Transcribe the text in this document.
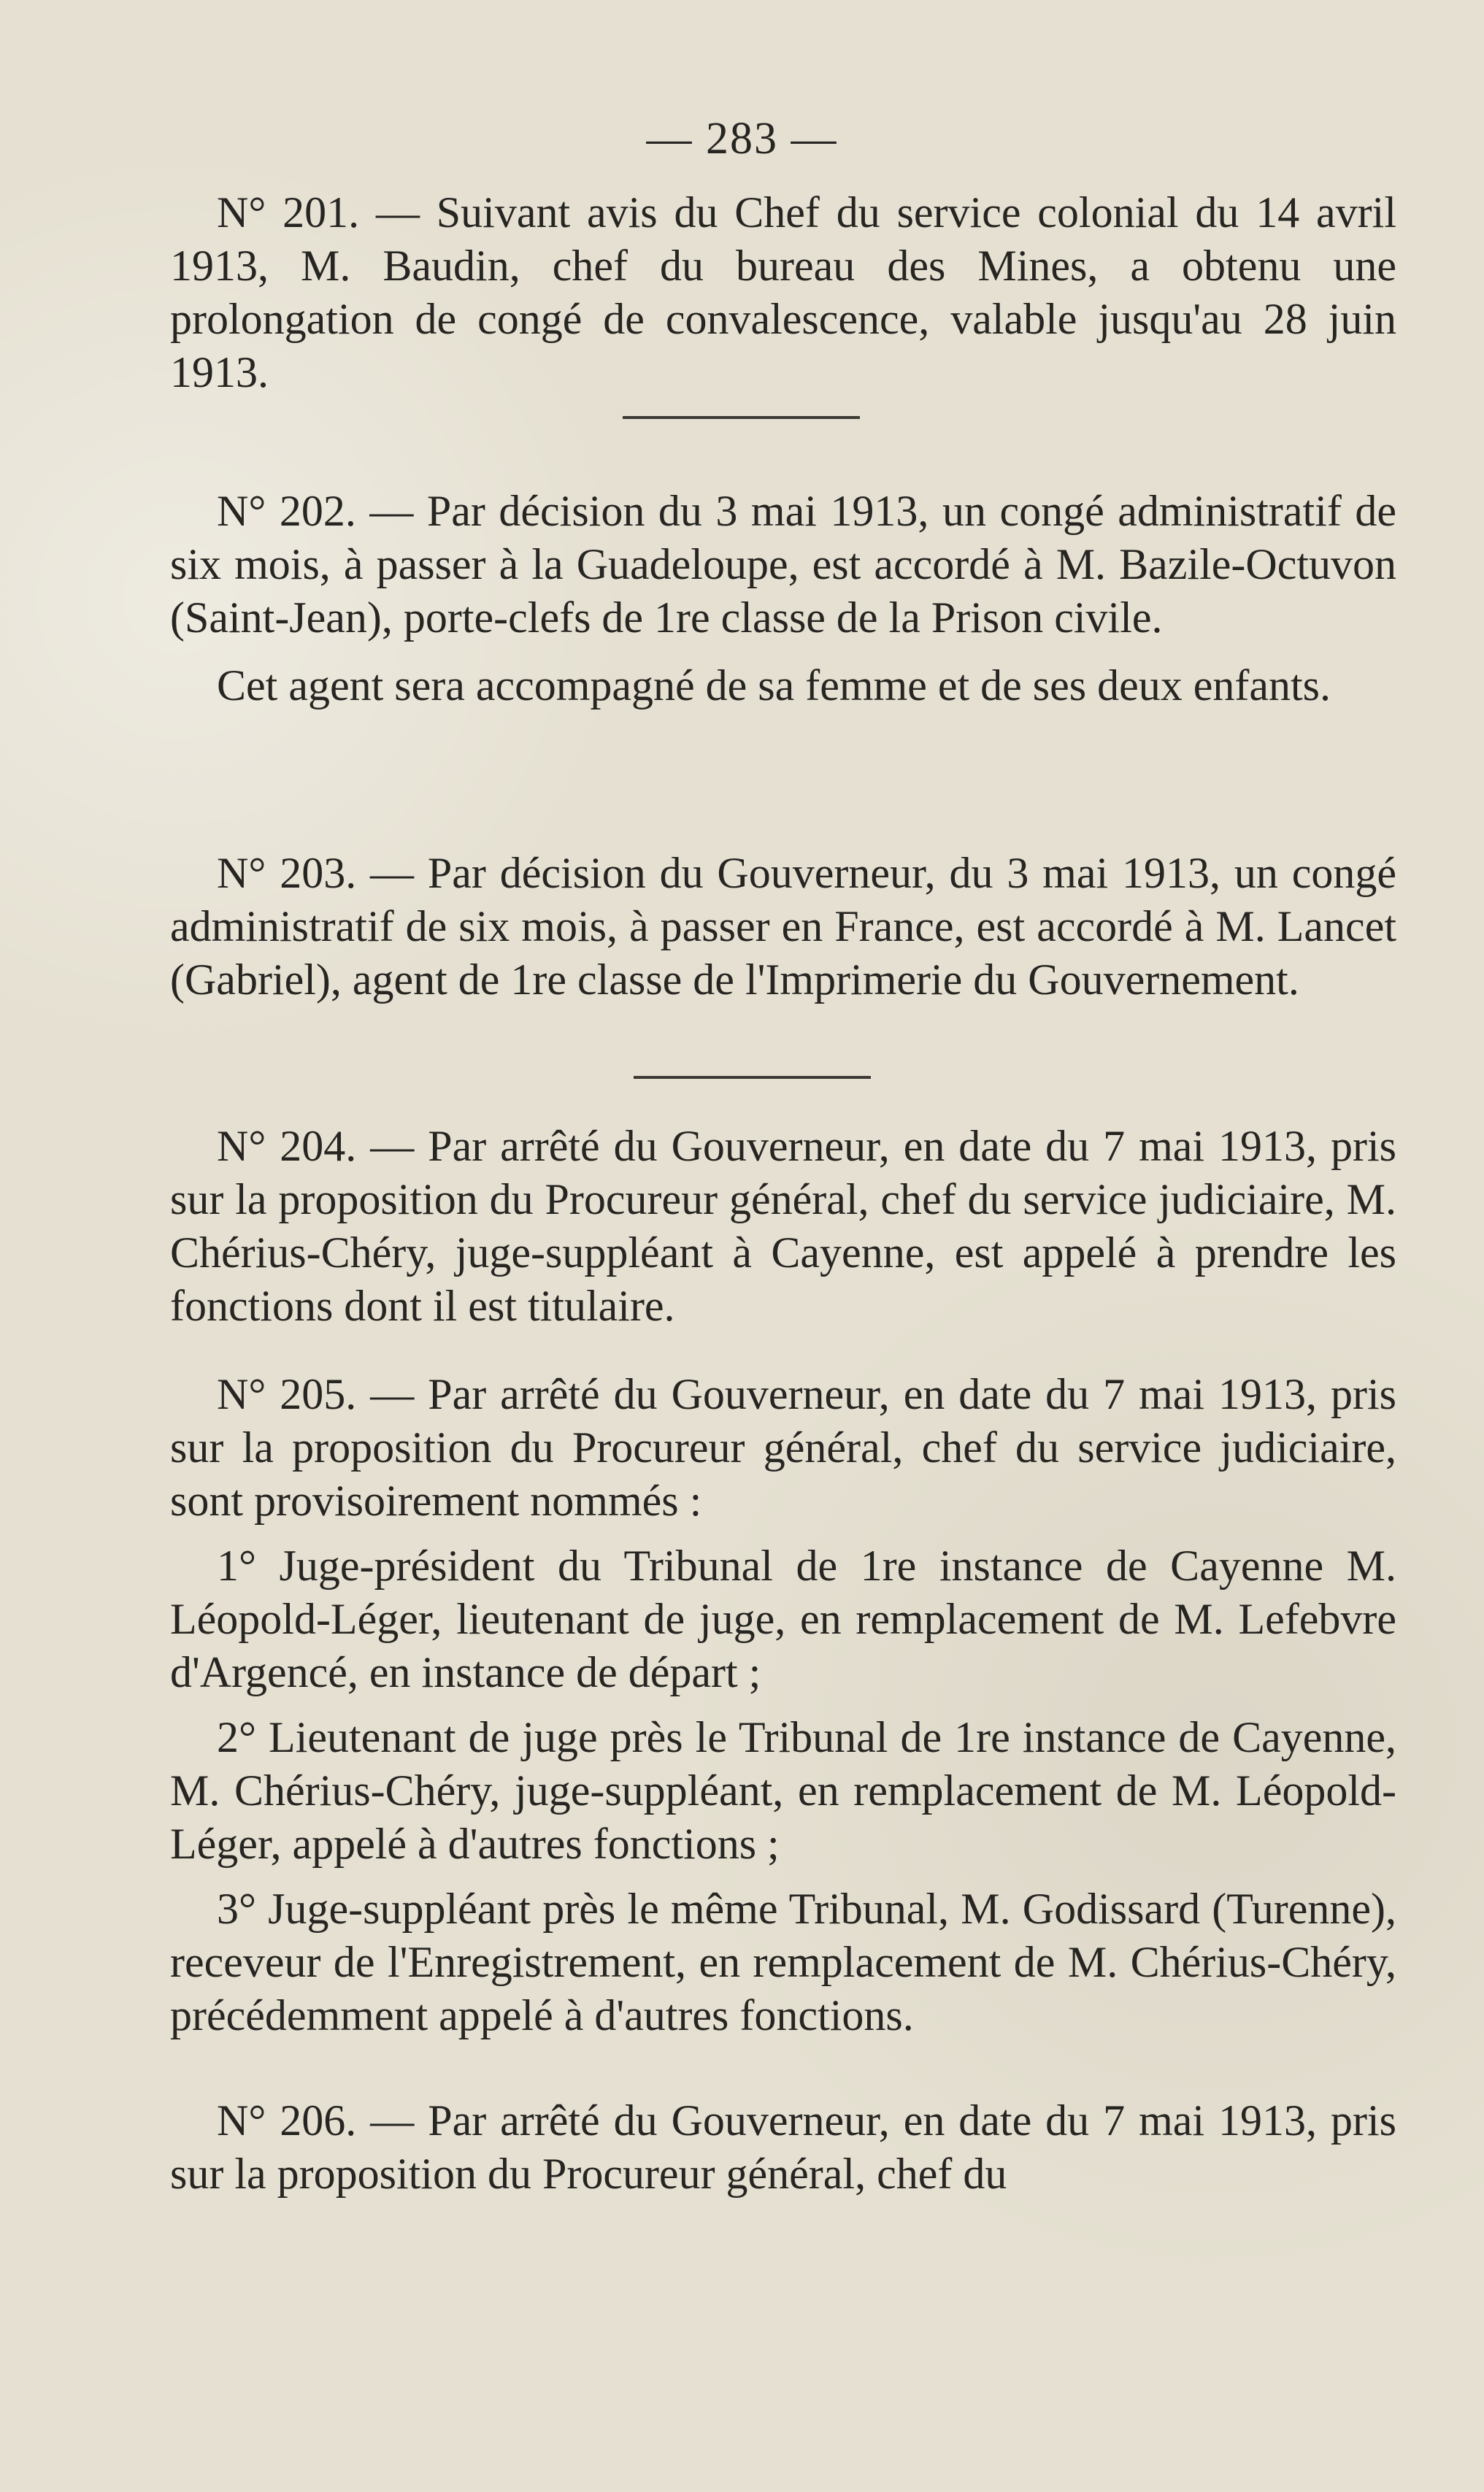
— 283 —

N° 201. — Suivant avis du Chef du service colonial du 14 avril 1913, M. Baudin, chef du bureau des Mines, a obtenu une prolongation de congé de convalescence, valable jusqu'au 28 juin 1913.

N° 202. — Par décision du 3 mai 1913, un congé administratif de six mois, à passer à la Guadeloupe, est accordé à M. Bazile-Octuvon (Saint-Jean), porte-clefs de 1re classe de la Prison civile.

Cet agent sera accompagné de sa femme et de ses deux enfants.

N° 203. — Par décision du Gouverneur, du 3 mai 1913, un congé administratif de six mois, à passer en France, est accordé à M. Lancet (Gabriel), agent de 1re classe de l'Imprimerie du Gouvernement.

N° 204. — Par arrêté du Gouverneur, en date du 7 mai 1913, pris sur la proposition du Procureur général, chef du service judiciaire, M. Chérius-Chéry, juge-suppléant à Cayenne, est appelé à prendre les fonctions dont il est titulaire.

N° 205. — Par arrêté du Gouverneur, en date du 7 mai 1913, pris sur la proposition du Procureur général, chef du service judiciaire, sont provisoirement nommés :

1° Juge-président du Tribunal de 1re instance de Cayenne M. Léopold-Léger, lieutenant de juge, en remplacement de M. Lefebvre d'Argencé, en instance de départ ;

2° Lieutenant de juge près le Tribunal de 1re instance de Cayenne, M. Chérius-Chéry, juge-suppléant, en remplacement de M. Léopold-Léger, appelé à d'autres fonctions ;

3° Juge-suppléant près le même Tribunal, M. Godissard (Turenne), receveur de l'Enregistrement, en remplacement de M. Chérius-Chéry, précédemment appelé à d'autres fonctions.

N° 206. — Par arrêté du Gouverneur, en date du 7 mai 1913, pris sur la proposition du Procureur général, chef du
